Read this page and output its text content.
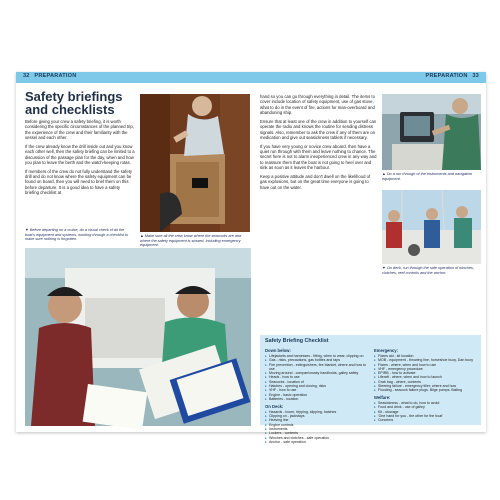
32 PREPARATION	PREPARATION 33
Safety briefings and checklists

Before giving your crew a safety briefing, it is worth considering the specific circumstances of the planned trip, the experience of the crew and their familiarity with the vessel and each other.

If the crew already know the drill inside out and you know each other well, then the safety briefing can be limited to a discussion of the passage plan for the day, when and how you plan to leave the berth and the watch-keeping rotas.

If members of the crew do not fully understand the safety drill and do not know where the safety equipment can be found on board, then you will need to brief them on this before departure. It is a good idea to have a safety briefing checklist at

▼ Before departing on a cruise, do a visual check of all the boat's equipment and systems, working through a checklist to make sure nothing is forgotten.
▲ Make sure all the crew know where the seacocks are and where the safety equipment is stowed, including emergency equipment.

hand so you can go through everything in detail. The items to cover include location of safety equipment, use of gas stove, what to do in the event of fire, actions for man-overboard and abandoning ship.

Ensure that at least one of the crew in addition to yourself can operate the radio and knows the routine for sending distress signals. Also, remember to ask the crew if any of them are on medication and give out seasickness tablets if necessary.

If you have very young or novice crew aboard, then have a quiet run through with them and leave nothing to chance. The secret here is not to alarm inexperienced crew in any way and to reassure them that the boat is not going to heel over and sink as soon as it leaves the harbour.

Keep a positive attitude and don't dwell on the likelihood of gas explosions, but on the great time everyone is going to have out on the water.

▲ Do a run through of the instruments and navigation equipment.
▼ On deck, run through the safe operation of winches, clutches, reef controls and the anchor.
Safety Briefing Checklist
Down below:
▸ Lifejackets and harnesses - fitting, when to wear, clipping on
▸ Gas - risks, precautions, gas bottles and taps
▸ Fire prevention - extinguishers, fire blanket, where and how to use
▸ Moving around - companionway handholds, galley safety
▸ Heads - how to use
▸ Seacocks - location of
▸ Hatches - opening and closing, risks
▸ VHF - how to use
▸ Engine - basic operation
▸ Batteries - location
On Deck:
▸ Hazards - boom, tripping, slipping, hatches
▸ Clipping on - jackstays
▸ Heaving line
▸ Engine controls
▸ Instruments
▸ Lockers - contents
▸ Winches and clutches - safe operation
▸ Anchor - safe operation
Emergency:
▸ Flares aid - kit location
▸ MOB - equipment - throwing line, horseshoe buoy, Dan buoy
▸ Flares - where, when and how to use
▸ VHF - emergency procedure
▸ EPIRB - how to activate
▸ Liferaft - where, when and how to launch
▸ Grab bag - where, contents
▸ Steering failure - emergency tiller; where and how
▸ Flooding - seacock failure plugs. Bilge pumps. Bailing
Welfare:
▸ Seasickness - what to do, how to avoid
▸ Food and drink - use of galley
▸ Kit - stowage
▸ 'One hand for you - the other for the boat'
▸ Concerns
